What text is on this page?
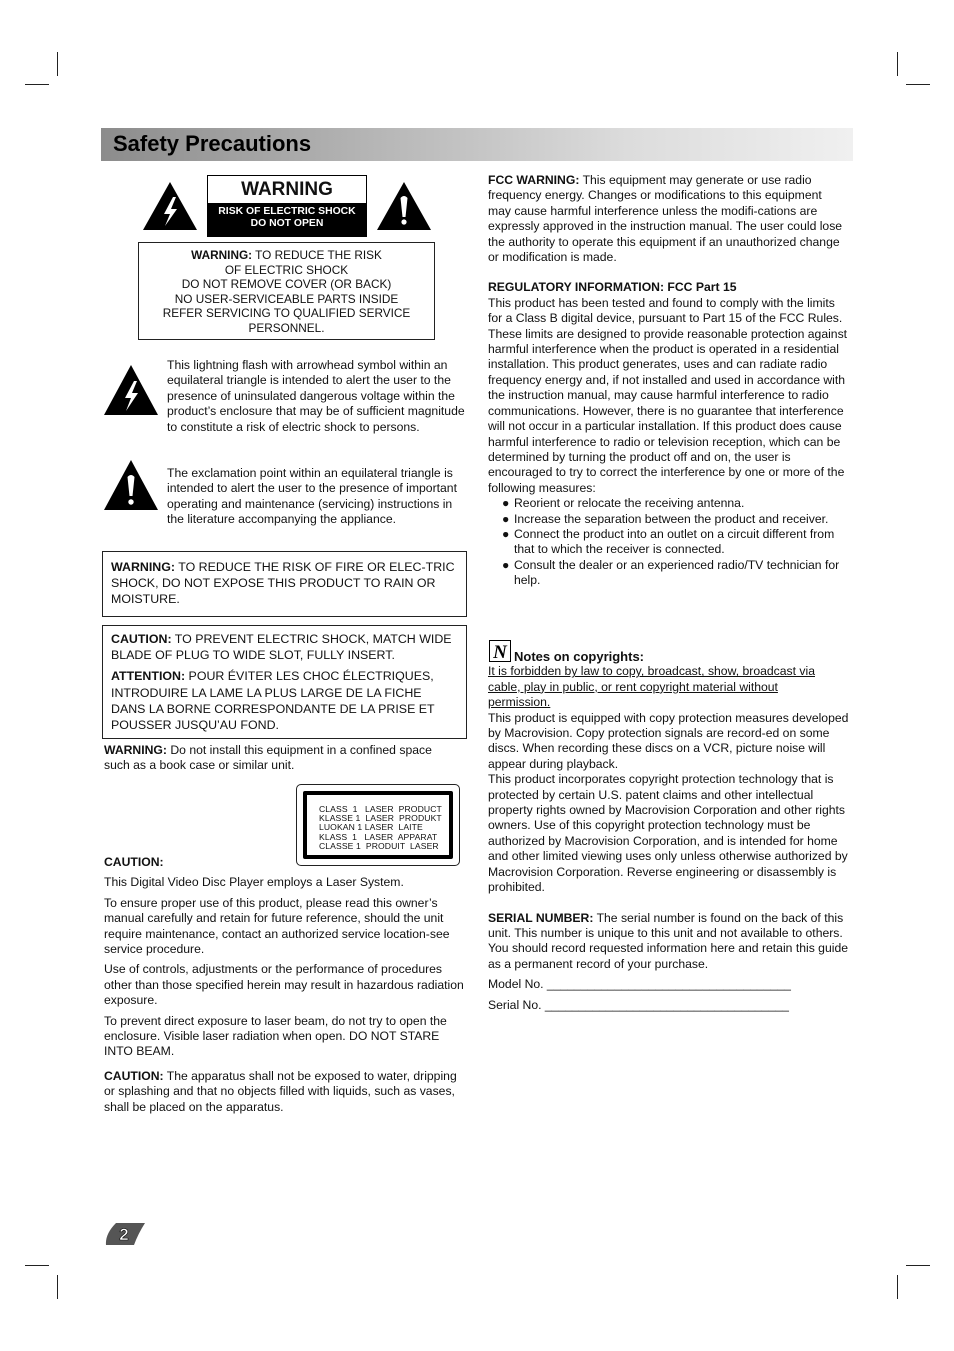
Safety Precautions
WARNING
RISK OF ELECTRIC SHOCK
DO NOT OPEN
WARNING: TO REDUCE THE RISK
OF ELECTRIC SHOCK
DO NOT REMOVE COVER (OR BACK)
NO USER-SERVICEABLE PARTS INSIDE
REFER SERVICING TO QUALIFIED SERVICE
PERSONNEL.

This lightning flash with arrowhead symbol within an equilateral triangle is intended to alert the user to the presence of uninsulated dangerous voltage within the product’s enclosure that may be of sufficient magnitude to constitute a risk of electric shock to persons.

The exclamation point within an equilateral triangle is intended to alert the user to the presence of important operating and maintenance (servicing) instructions in the literature accompanying the appliance.

WARNING: TO REDUCE THE RISK OF FIRE OR ELEC-TRIC SHOCK, DO NOT EXPOSE THIS PRODUCT TO RAIN OR MOISTURE.

CAUTION: TO PREVENT ELECTRIC SHOCK, MATCH WIDE BLADE OF PLUG TO WIDE SLOT, FULLY INSERT.

ATTENTION: POUR ÉVITER LES CHOC ÉLECTRIQUES, INTRODUIRE LA LAME LA PLUS LARGE DE LA FICHE DANS LA BORNE CORRESPONDANTE DE LA PRISE ET POUSSER JUSQU’AU FOND.

WARNING: Do not install this equipment in a confined space such as a book case or similar unit.

CLASS  1   LASER  PRODUCT
KLASSE 1  LASER  PRODUKT
LUOKAN 1 LASER  LAITE
KLASS  1   LASER  APPARAT
CLASSE 1  PRODUIT  LASER

CAUTION:

This Digital Video Disc Player employs a Laser System.

To ensure proper use of this product, please read this owner’s manual carefully and retain for future reference, should the unit require maintenance, contact an authorized service location-see service procedure.

Use of controls, adjustments or the performance of procedures other than those specified herein may result in hazardous radiation exposure.

To prevent direct exposure to laser beam, do not try to open the enclosure. Visible laser radiation when open. DO NOT STARE INTO BEAM.

CAUTION: The apparatus shall not be exposed to water, dripping or splashing and that no objects filled with liquids, such as vases, shall be placed on the apparatus.

2

FCC WARNING: This equipment may generate or use radio frequency energy. Changes or modifications to this equipment may cause harmful interference unless the modifi-cations are expressly approved in the instruction manual. The user could lose the authority to operate this equipment if an unauthorized change or modification is made.

REGULATORY INFORMATION: FCC Part 15

This product has been tested and found to comply with the limits for a Class B digital device, pursuant to Part 15 of the FCC Rules. These limits are designed to provide reasonable protection against harmful interference when the product is operated in a residential installation. This product generates, uses and can radiate radio frequency energy and, if not installed and used in accordance with the instruction manual, may cause harmful interference to radio communications. However, there is no guarantee that interference will not occur in a particular installation. If this product does cause harmful interference to radio or television reception, which can be determined by turning the product off and on, the user is encouraged to try to correct the interference by one or more of the following measures:

● Reorient or relocate the receiving antenna.
● Increase the separation between the product and receiver.
● Connect the product into an outlet on a circuit different from that to which the receiver is connected.
● Consult the dealer or an experienced radio/TV technician for help.
N Notes on copyrights:

It is forbidden by law to copy, broadcast, show, broadcast via cable, play in public, or rent copyright material without permission.

This product is equipped with copy protection measures developed by Macrovision. Copy protection signals are record-ed on some discs. When recording these discs on a VCR, picture noise will appear during playback.

This product incorporates copyright protection technology that is protected by certain U.S. patent claims and other intellectual property rights owned by Macrovision Corporation and other rights owners. Use of this copyright protection technology must be authorized by Macrovision Corporation, and is intended for home and other limited viewing uses only unless otherwise authorized by Macrovision Corporation. Reverse engineering or disassembly is prohibited.

SERIAL NUMBER: The serial number is found on the back of this unit. This number is unique to this unit and not available to others. You should record requested information here and retain this guide as a permanent record of your purchase.

Model No. ____________________________________

Serial No. ____________________________________
